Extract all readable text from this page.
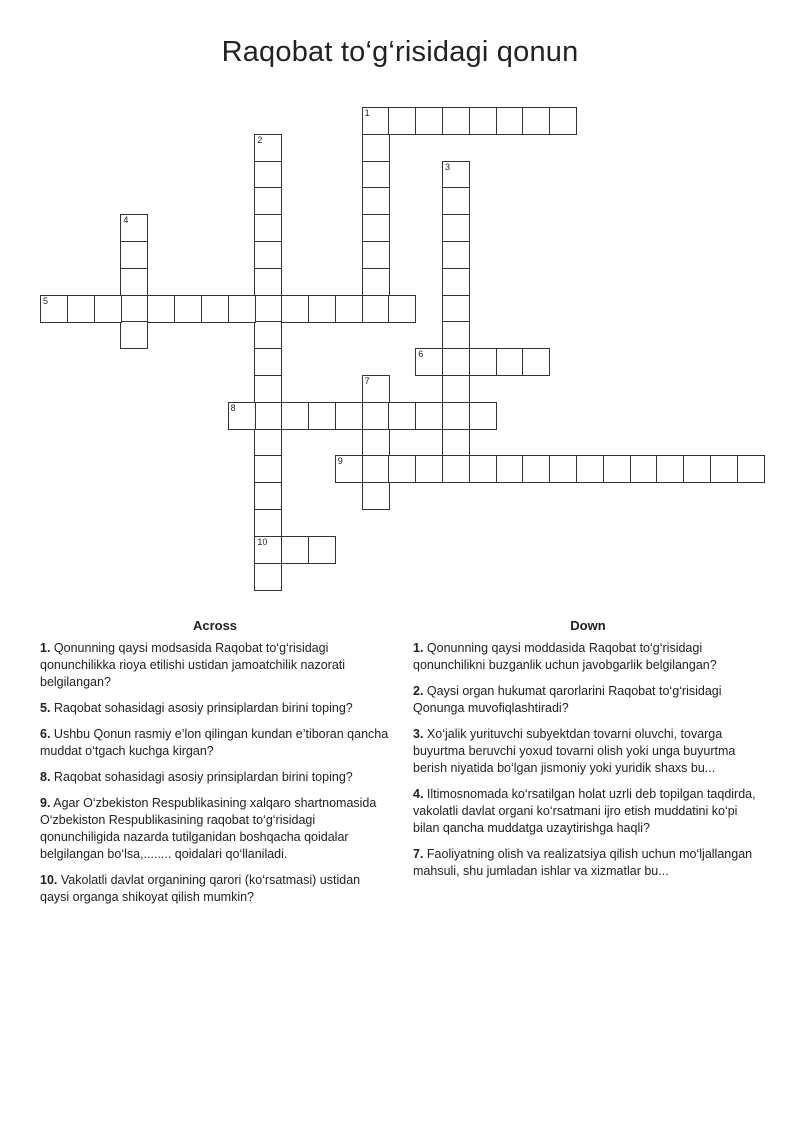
Raqobat to‘g‘risidagi qonun
1
2
10
3
4
5
6
7
8
9
Across
1. Qonunning qaysi modsasida Raqobat to‘g‘risidagi qonunchilikka rioya etilishi ustidan jamoatchilik nazorati belgilangan?
5. Raqobat sohasidagi asosiy prinsiplardan birini toping?
6. Ushbu Qonun rasmiy e’lon qilingan kundan e’tiboran qancha muddat o‘tgach kuchga kirgan?
8. Raqobat sohasidagi asosiy prinsiplardan birini toping?
9. Agar O‘zbekiston Respublikasining xalqaro shartnomasida O‘zbekiston Respublikasining raqobat to‘g‘risidagi qonunchiligida nazarda tutilganidan boshqacha qoidalar belgilangan bo‘lsa,........ qoidalari qo‘llaniladi.
10. Vakolatli davlat organining qarori (ko‘rsatmasi) ustidan qaysi organga shikoyat qilish mumkin?
Down
1. Qonunning qaysi moddasida Raqobat to‘g‘risidagi qonunchilikni buzganlik uchun javobgarlik belgilangan?
2. Qaysi organ hukumat qarorlarini Raqobat to‘g‘risidagi Qonunga muvofiqlashtiradi?
3. Xo‘jalik yurituvchi subyektdan tovarni oluvchi, tovarga buyurtma beruvchi yoxud tovarni olish yoki unga buyurtma berish niyatida bo‘lgan jismoniy yoki yuridik shaxs bu...
4. Iltimosnomada ko‘rsatilgan holat uzrli deb topilgan taqdirda, vakolatli davlat organi ko‘rsatmani ijro etish muddatini ko‘pi bilan qancha muddatga uzaytirishga haqli?
7. Faoliyatning olish va realizatsiya qilish uchun mo‘ljallangan mahsuli, shu jumladan ishlar va xizmatlar bu...
